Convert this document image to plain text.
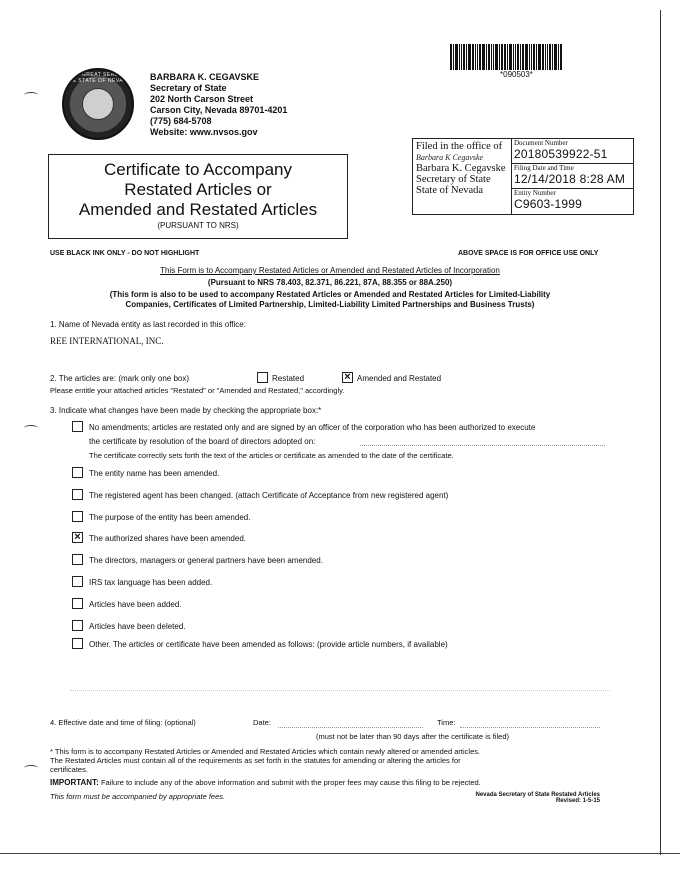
*090503*
THE GREAT SEAL OF THE STATE OF NEVADA BARBARA K. CEGAVSKE
Secretary of State
202 North Carson Street
Carson City, Nevada 89701-4201
(775) 684-5708
Website: www.nvsos.gov
Filed in the office of
Barbara K Cegavske
Barbara K. Cegavske
Secretary of State
State of Nevada
Document Number
20180539922-51
Filing Date and Time
12/14/2018 8:28 AM
Entity Number
C9603-1999
Certificate to Accompany
Restated Articles or
Amended and Restated Articles
(PURSUANT TO NRS)
USE BLACK INK ONLY - DO NOT HIGHLIGHT	ABOVE SPACE IS FOR OFFICE USE ONLY
This Form is to Accompany Restated Articles or Amended and Restated Articles of Incorporation
(Pursuant to NRS 78.403, 82.371, 86.221, 87A, 88.355 or 88A.250)
(This form is also to be used to accompany Restated Articles or Amended and Restated Articles for Limited-Liability
Companies, Certificates of Limited Partnership, Limited-Liability Limited Partnerships and Business Trusts)
1. Name of Nevada entity as last recorded in this office:
REE INTERNATIONAL, INC.
2. The articles are: (mark only one box)	Restated	× Amended and Restated
Please entitle your attached articles "Restated" or "Amended and Restated," accordingly.
3. Indicate what changes have been made by checking the appropriate box:*
No amendments; articles are restated only and are signed by an officer of the corporation who has been authorized to execute
the certificate by resolution of the board of directors adopted on:
The certificate correctly sets forth the text of the articles or certificate as amended to the date of the certificate.
The entity name has been amended.
The registered agent has been changed. (attach Certificate of Acceptance from new registered agent)
The purpose of the entity has been amended.
× The authorized shares have been amended.
The directors, managers or general partners have been amended.
IRS tax language has been added.
Articles have been added.
Articles have been deleted.
Other. The articles or certificate have been amended as follows: (provide article numbers, if available)
4. Effective date and time of filing: (optional)	Date:	Time:
(must not be later than 90 days after the certificate is filed)
* This form is to accompany Restated Articles or Amended and Restated Articles which contain newly altered or amended articles.
The Restated Articles must contain all of the requirements as set forth in the statutes for amending or altering the articles for
certificates.
IMPORTANT: Failure to include any of the above information and submit with the proper fees may cause this filing to be rejected.
This form must be accompanied by appropriate fees.	Nevada Secretary of State Restated Articles
Revised: 1-5-15
